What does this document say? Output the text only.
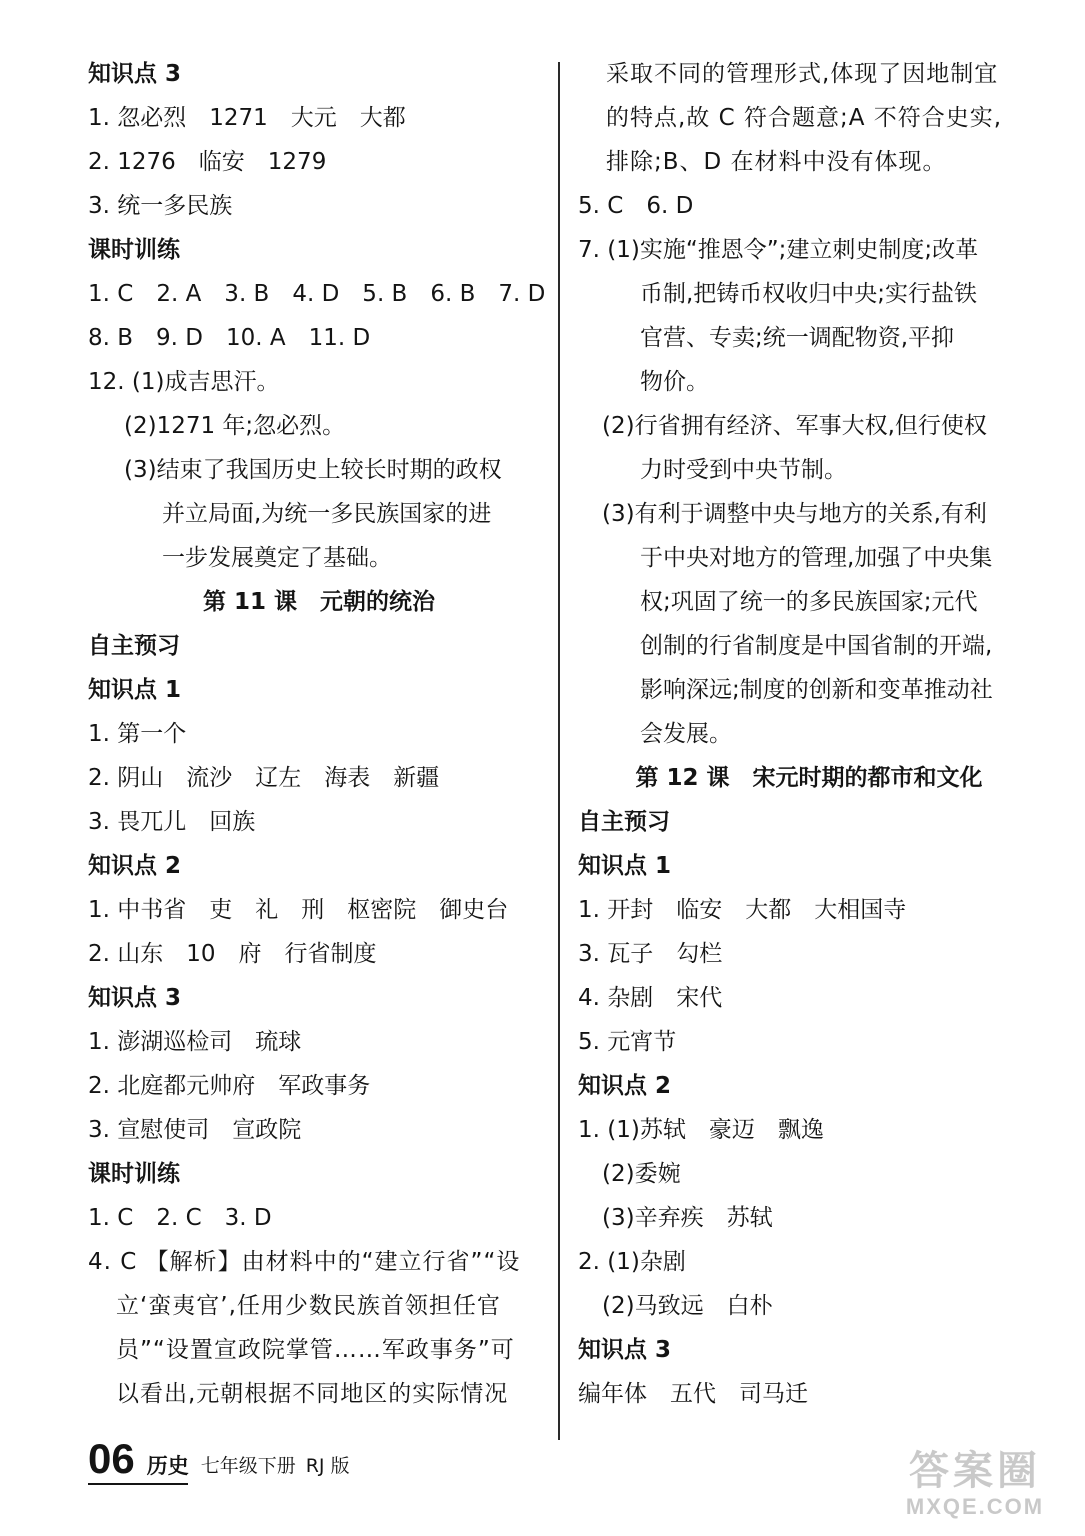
知识点 3
1. 忽必烈　1271　大元　大都
2. 1276　临安　1279
3. 统一多民族
课时训练
1. C　2. A　3. B　4. D　5. B　6. B　7. D
8. B　9. D　10. A　11. D
12. (1)成吉思汗。
(2)1271 年;忽必烈。
(3)结束了我国历史上较长时期的政权
并立局面,为统一多民族国家的进
一步发展奠定了基础。
第 11 课　元朝的统治
自主预习
知识点 1
1. 第一个
2. 阴山　流沙　辽左　海表　新疆
3. 畏兀儿　回族
知识点 2
1. 中书省　吏　礼　刑　枢密院　御史台
2. 山东　10　府　行省制度
知识点 3
1. 澎湖巡检司　琉球
2. 北庭都元帅府　军政事务
3. 宣慰使司　宣政院
课时训练
1. C　2. C　3. D
4. C 【解析】由材料中的“建立行省”“设
立‘蛮夷官’,任用少数民族首领担任官
员”“设置宣政院掌管……军政事务”可
以看出,元朝根据不同地区的实际情况
采取不同的管理形式,体现了因地制宜
的特点,故 C 符合题意;A 不符合史实,
排除;B、D 在材料中没有体现。
5. C　6. D
7. (1)实施“推恩令”;建立刺史制度;改革
币制,把铸币权收归中央;实行盐铁
官营、专卖;统一调配物资,平抑
物价。
(2)行省拥有经济、军事大权,但行使权
力时受到中央节制。
(3)有利于调整中央与地方的关系,有利
于中央对地方的管理,加强了中央集
权;巩固了统一的多民族国家;元代
创制的行省制度是中国省制的开端,
影响深远;制度的创新和变革推动社
会发展。
第 12 课　宋元时期的都市和文化
自主预习
知识点 1
1. 开封　临安　大都　大相国寺
3. 瓦子　勾栏
4. 杂剧　宋代
5. 元宵节
知识点 2
1. (1)苏轼　豪迈　飘逸
(2)委婉
(3)辛弃疾　苏轼
2. (1)杂剧
(2)马致远　白朴
知识点 3
编年体　五代　司马迁
06 历史 七年级下册 RJ 版	答案圈
MXQE.COM
